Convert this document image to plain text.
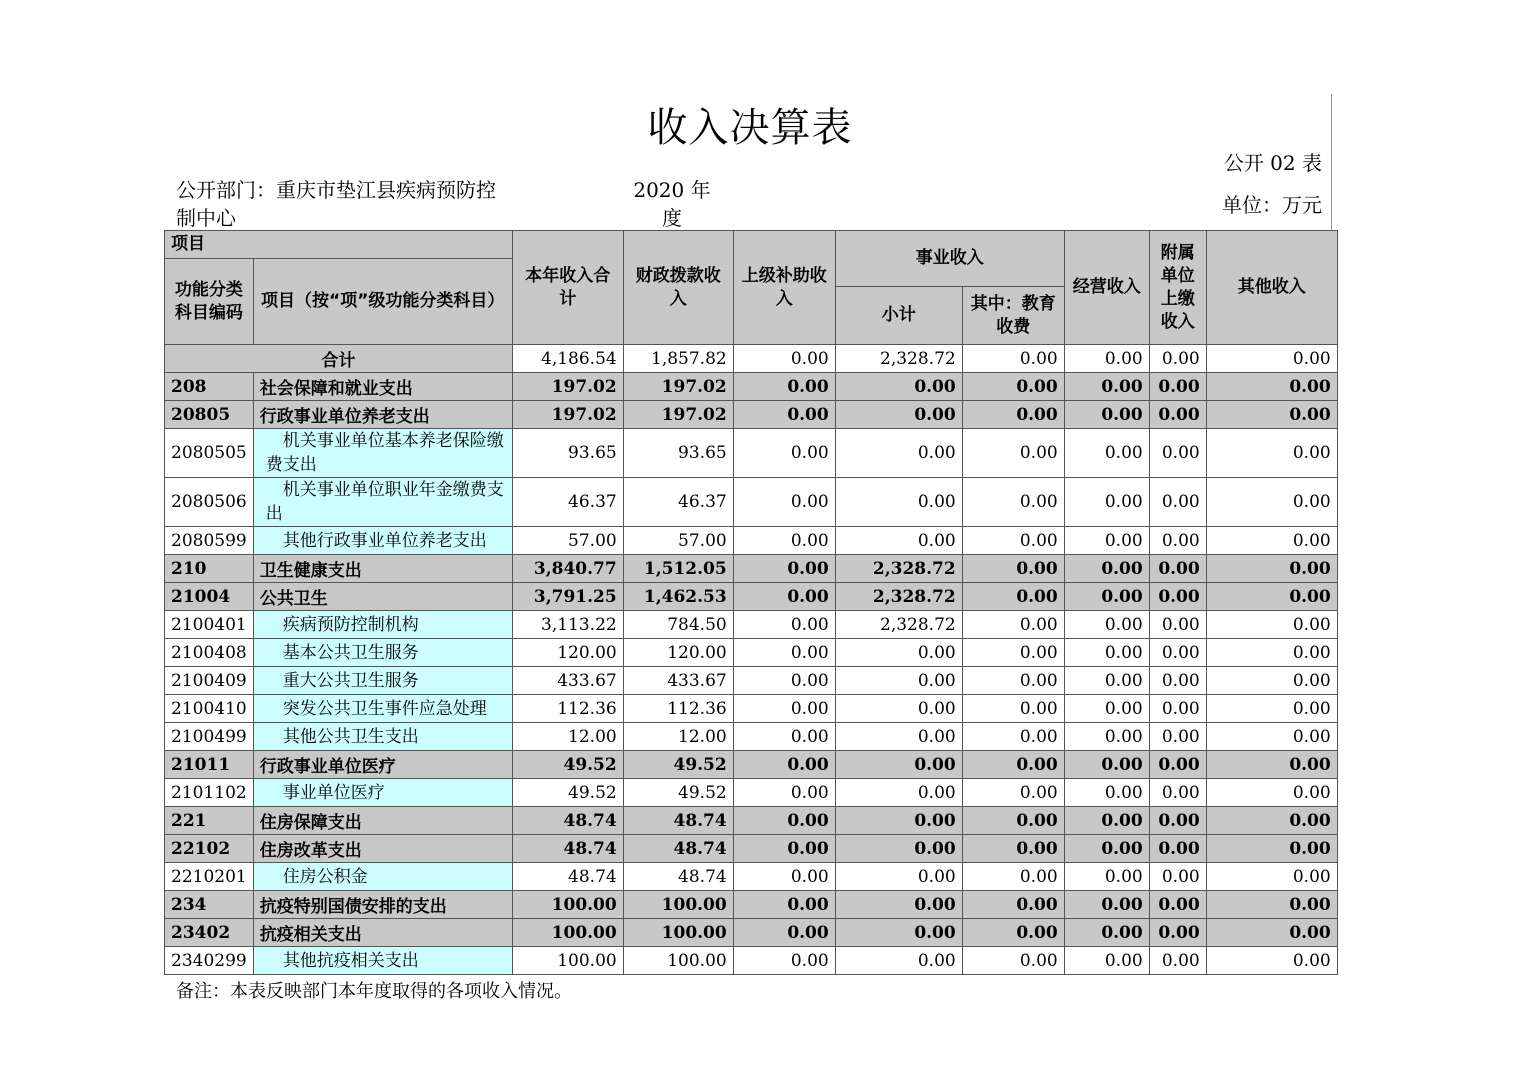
收入决算表
公开 02 表
公开部门：重庆市垫江县疾病预防控制中心
2020 年度
单位：万元
项目		本年收入合计	财政拨款收入	上级补助收入	事业收入		经营收入	附属单位上缴收入	其他收入
功能分类科目编码	项目（按“项”级功能分类科目）								
					小计	其中：教育收费			
合计		4,186.54	1,857.82	0.00	2,328.72	0.00	0.00	0.00	0.00
208	社会保障和就业支出	197.02	197.02	0.00	0.00	0.00	0.00	0.00	0.00
20805	行政事业单位养老支出	197.02	197.02	0.00	0.00	0.00	0.00	0.00	0.00
2080505	　机关事业单位基本养老保险缴费支出	93.65	93.65	0.00	0.00	0.00	0.00	0.00	0.00
2080506	　机关事业单位职业年金缴费支出	46.37	46.37	0.00	0.00	0.00	0.00	0.00	0.00
2080599	　其他行政事业单位养老支出	57.00	57.00	0.00	0.00	0.00	0.00	0.00	0.00
210	卫生健康支出	3,840.77	1,512.05	0.00	2,328.72	0.00	0.00	0.00	0.00
21004	公共卫生	3,791.25	1,462.53	0.00	2,328.72	0.00	0.00	0.00	0.00
2100401	　疾病预防控制机构	3,113.22	784.50	0.00	2,328.72	0.00	0.00	0.00	0.00
2100408	　基本公共卫生服务	120.00	120.00	0.00	0.00	0.00	0.00	0.00	0.00
2100409	　重大公共卫生服务	433.67	433.67	0.00	0.00	0.00	0.00	0.00	0.00
2100410	　突发公共卫生事件应急处理	112.36	112.36	0.00	0.00	0.00	0.00	0.00	0.00
2100499	　其他公共卫生支出	12.00	12.00	0.00	0.00	0.00	0.00	0.00	0.00
21011	行政事业单位医疗	49.52	49.52	0.00	0.00	0.00	0.00	0.00	0.00
2101102	　事业单位医疗	49.52	49.52	0.00	0.00	0.00	0.00	0.00	0.00
221	住房保障支出	48.74	48.74	0.00	0.00	0.00	0.00	0.00	0.00
22102	住房改革支出	48.74	48.74	0.00	0.00	0.00	0.00	0.00	0.00
2210201	　住房公积金	48.74	48.74	0.00	0.00	0.00	0.00	0.00	0.00
234	抗疫特别国债安排的支出	100.00	100.00	0.00	0.00	0.00	0.00	0.00	0.00
23402	抗疫相关支出	100.00	100.00	0.00	0.00	0.00	0.00	0.00	0.00
2340299	　其他抗疫相关支出	100.00	100.00	0.00	0.00	0.00	0.00	0.00	0.00
备注：本表反映部门本年度取得的各项收入情况。
